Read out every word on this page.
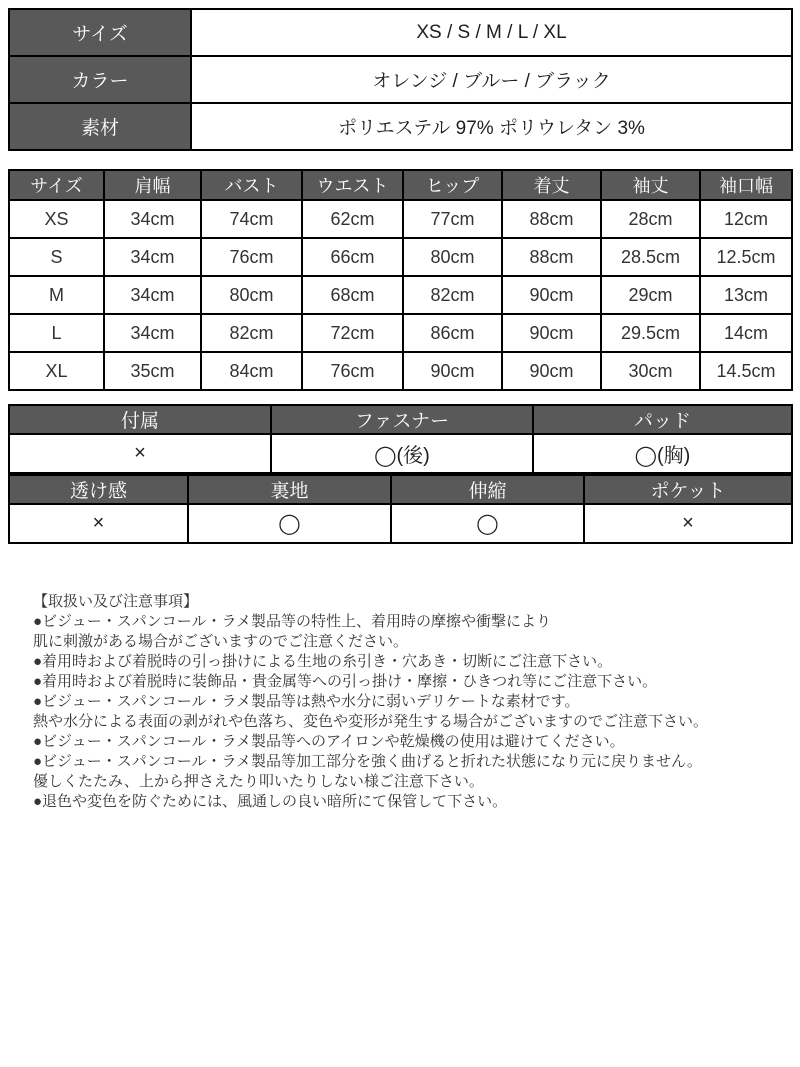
サイズ	XS / S / M / L / XL
カラー	オレンジ / ブルー / ブラック
素材	ポリエステル 97% ポリウレタン 3%
サイズ	肩幅	バスト	ウエスト	ヒップ	着丈	袖丈	袖口幅
XS	34cm	74cm	62cm	77cm	88cm	28cm	12cm
S	34cm	76cm	66cm	80cm	88cm	28.5cm	12.5cm
M	34cm	80cm	68cm	82cm	90cm	29cm	13cm
L	34cm	82cm	72cm	86cm	90cm	29.5cm	14cm
XL	35cm	84cm	76cm	90cm	90cm	30cm	14.5cm
付属	ファスナー	パッド
×	◯(後)	◯(胸)
透け感	裏地	伸縮	ポケット
×	◯	◯	×
【取扱い及び注意事項】
●ビジュー・スパンコール・ラメ製品等の特性上、着用時の摩擦や衝撃により
肌に刺激がある場合がございますのでご注意ください。
●着用時および着脱時の引っ掛けによる生地の糸引き・穴あき・切断にご注意下さい。
●着用時および着脱時に装飾品・貴金属等への引っ掛け・摩擦・ひきつれ等にご注意下さい。
●ビジュー・スパンコール・ラメ製品等は熱や水分に弱いデリケートな素材です。
熱や水分による表面の剥がれや色落ち、変色や変形が発生する場合がございますのでご注意下さい。
●ビジュー・スパンコール・ラメ製品等へのアイロンや乾燥機の使用は避けてください。
●ビジュー・スパンコール・ラメ製品等加工部分を強く曲げると折れた状態になり元に戻りません。
優しくたたみ、上から押さえたり叩いたりしない様ご注意下さい。
●退色や変色を防ぐためには、風通しの良い暗所にて保管して下さい。
